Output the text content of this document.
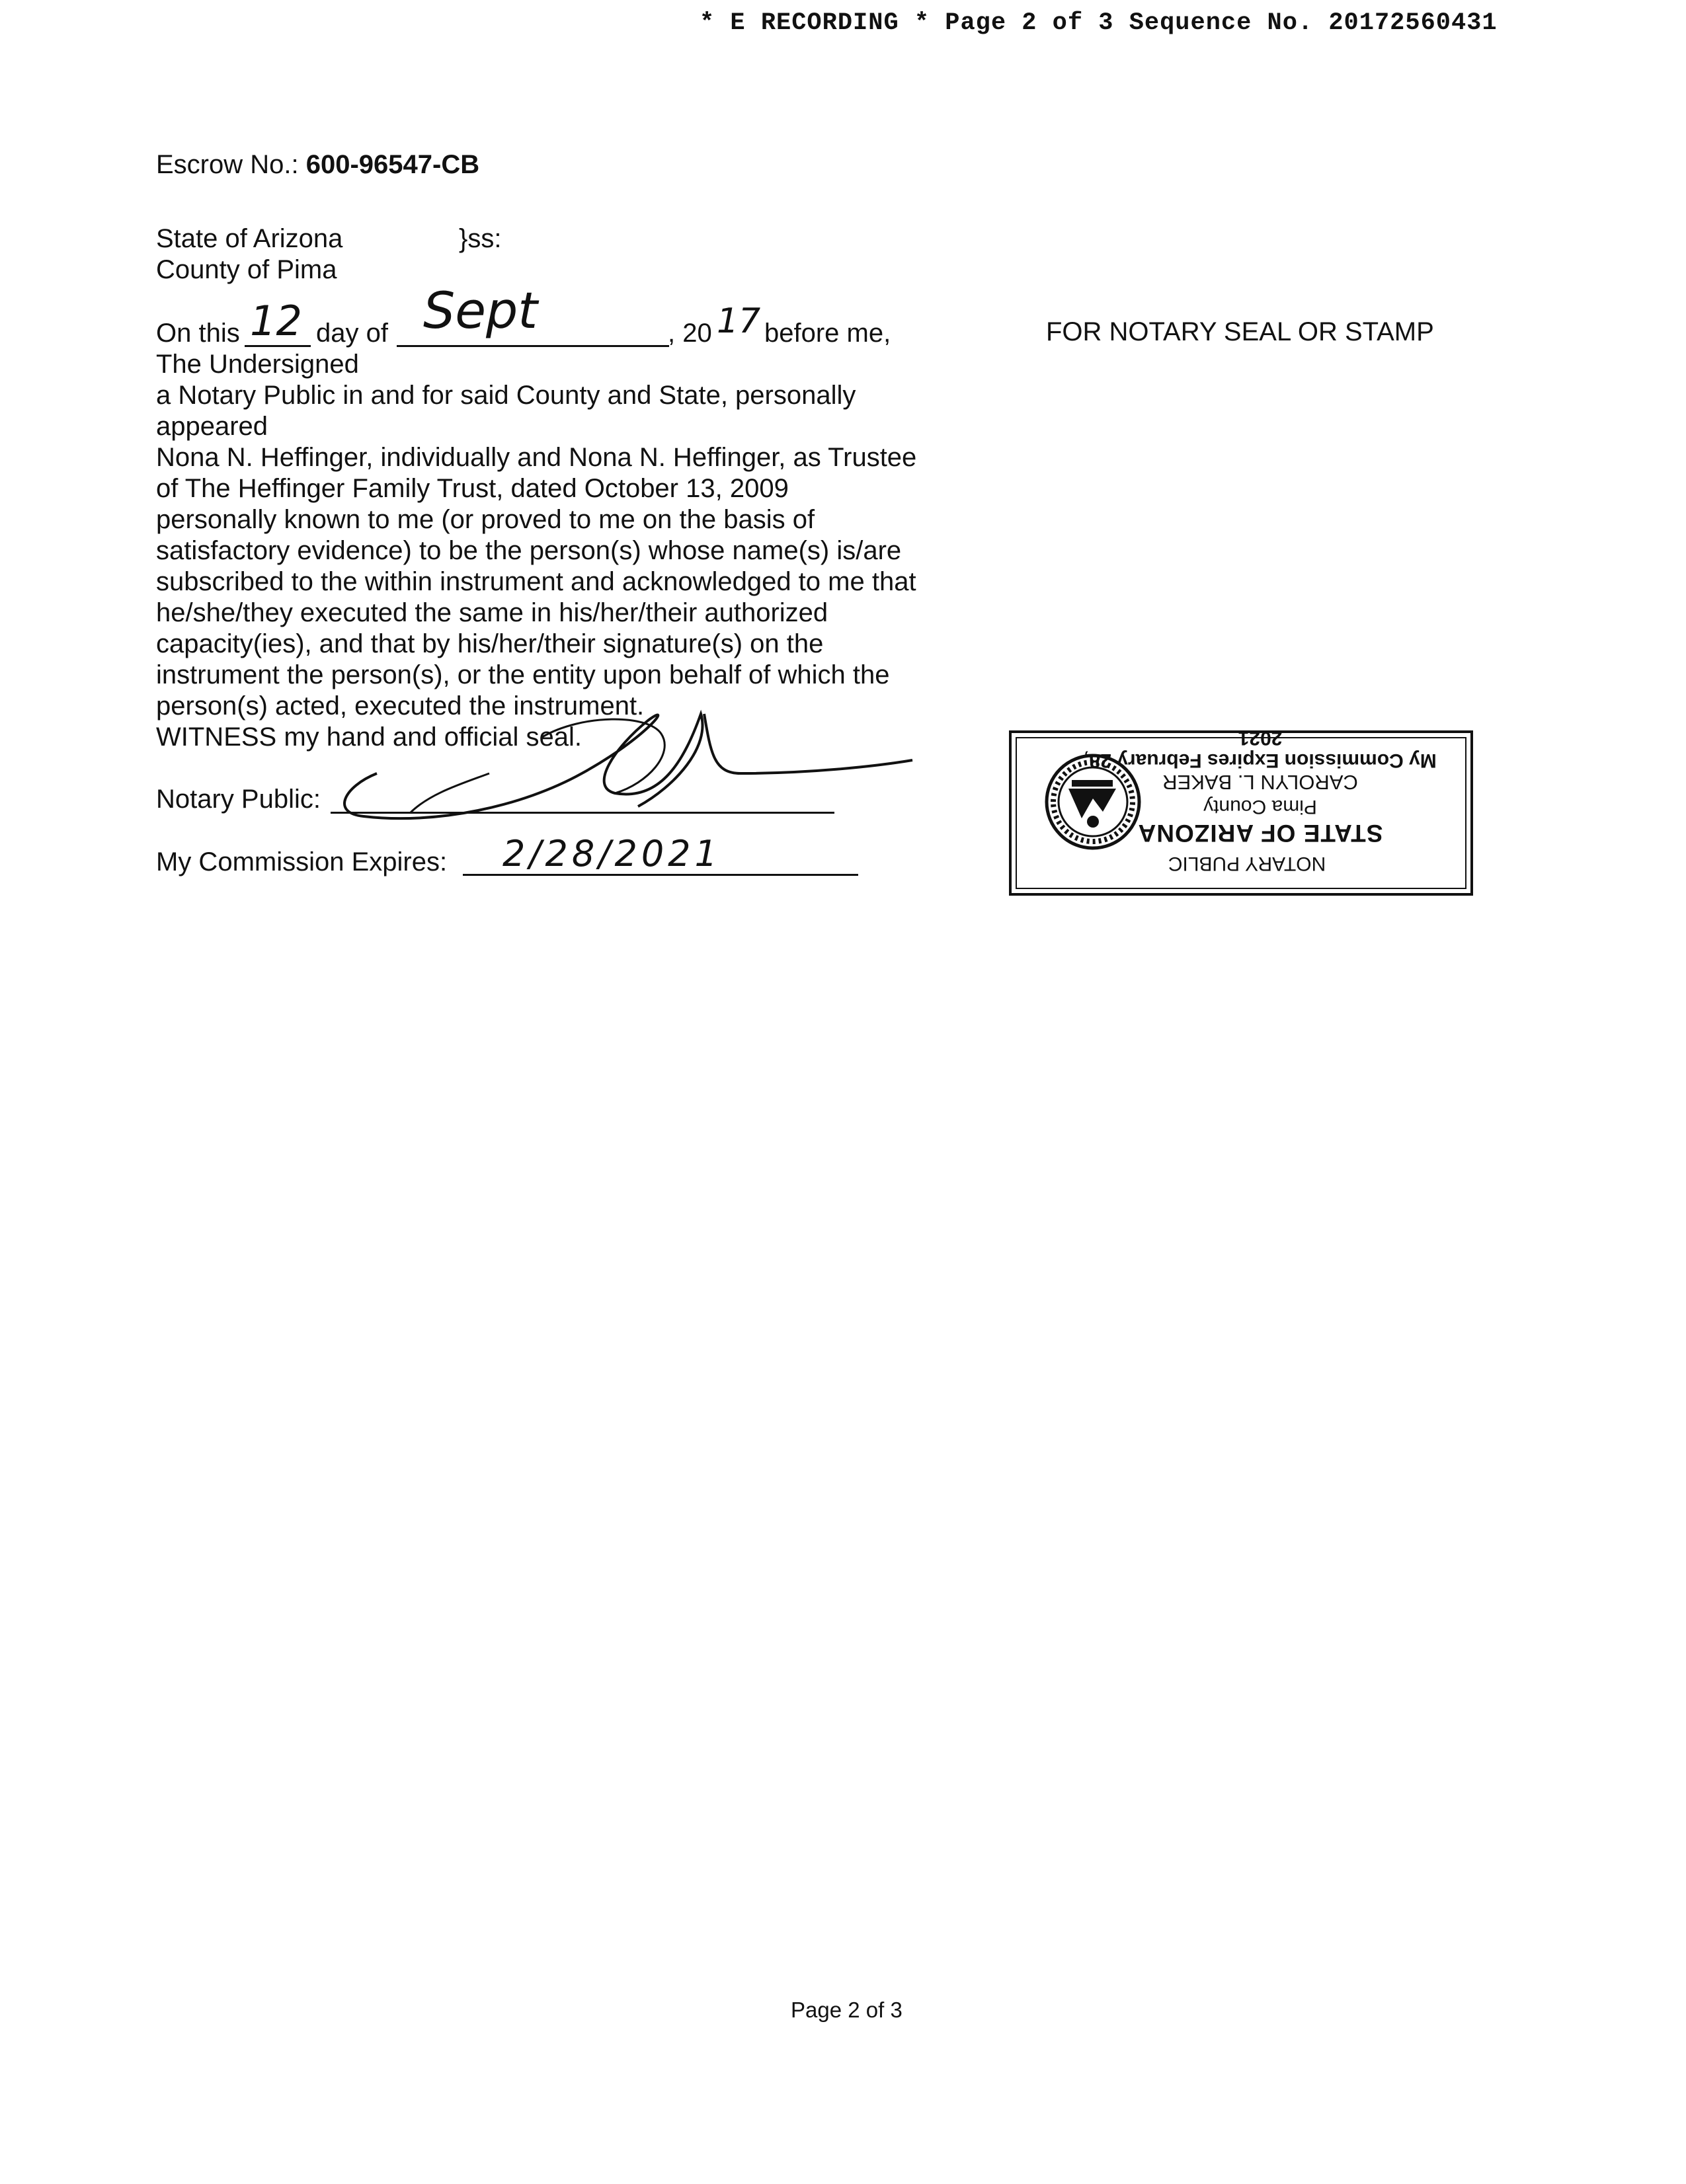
* E RECORDING * Page 2 of 3 Sequence No. 20172560431
Escrow No.: 600-96547-CB
State of Arizona	}ss:
County of Pima
On this 12 day of Sept	, 20 17 before me,
The Undersigned
a Notary Public in and for said County and State, personally
appeared
Nona N. Heffinger, individually and Nona N. Heffinger, as Trustee
of The Heffinger Family Trust, dated October 13, 2009
personally known to me (or proved to me on the basis of
satisfactory evidence) to be the person(s) whose name(s) is/are
subscribed to the within instrument and acknowledged to me that
he/she/they executed the same in his/her/their authorized
capacity(ies), and that by his/her/their signature(s) on the
instrument the person(s), or the entity upon behalf of which the
person(s) acted, executed the instrument.
WITNESS my hand and official seal.
Notary Public:
My Commission Expires: 2/28/2021
FOR NOTARY SEAL OR STAMP
NOTARY PUBLIC
STATE OF ARIZONA
Pima County
CAROLYN L. BAKER
My Commission Expires February 28, 2021
Page 2 of 3
